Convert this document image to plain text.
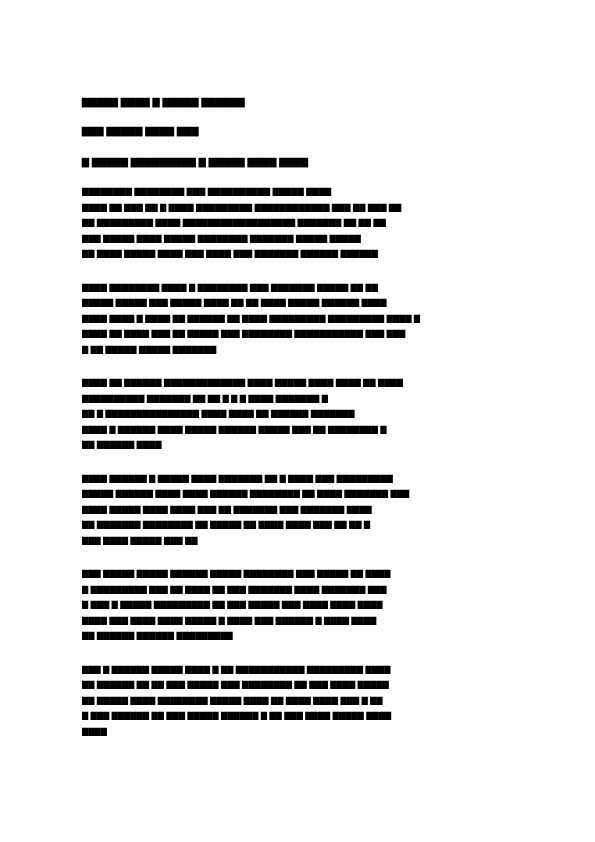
▇▇▇▇▇ ▇▇▇▇ ▇ ▇▇▇▇▇ ▇▇▇▇▇▇
▇▇▇ ▇▇▇▇▇ ▇▇▇▇ ▇▇▇
▇ ▇▇▇▇▇ ▇▇▇▇▇▇▇▇▇ ▇ ▇▇▇▇▇ ▇▇▇▇ ▇▇▇▇
▇▇▇▇▇▇▇▇ ▇▇▇▇▇▇▇▇ ▇▇▇ ▇▇▇▇▇▇▇▇▇▇ ▇▇▇▇▇ ▇▇▇▇
▇▇▇▇ ▇▇ ▇▇▇ ▇▇ ▇ ▇▇▇▇ ▇▇▇▇▇▇▇▇▇ ▇▇▇▇▇▇▇▇▇▇▇▇ ▇▇▇ ▇▇ ▇▇▇ ▇▇
▇▇ ▇▇▇▇▇▇▇▇▇ ▇▇▇▇ ▇▇▇▇▇▇▇▇▇▇▇▇▇▇▇▇▇▇ ▇▇▇▇▇▇▇ ▇▇ ▇▇ ▇▇
▇▇▇ ▇▇▇▇▇ ▇▇▇▇ ▇▇▇▇▇ ▇▇▇▇▇▇▇▇ ▇▇▇▇▇▇▇ ▇▇▇▇▇ ▇▇▇▇▇
▇▇ ▇▇▇▇ ▇▇▇▇▇ ▇▇▇▇ ▇▇▇ ▇▇▇▇ ▇▇▇ ▇▇▇▇▇▇▇ ▇▇▇▇▇▇ ▇▇▇▇▇▇
▇▇▇▇ ▇▇▇▇▇▇▇▇ ▇▇▇▇ ▇ ▇▇▇▇▇▇▇▇ ▇▇▇ ▇▇▇▇▇▇▇ ▇▇▇▇▇ ▇▇ ▇▇
▇▇▇▇▇ ▇▇▇▇▇ ▇▇▇ ▇▇▇▇▇ ▇▇▇▇ ▇▇ ▇▇ ▇▇▇▇ ▇▇▇▇▇ ▇▇▇▇▇▇ ▇▇▇▇
▇▇▇▇ ▇▇▇▇ ▇ ▇▇▇▇ ▇▇ ▇▇▇▇▇▇ ▇▇ ▇▇▇▇ ▇▇▇▇▇▇▇▇▇ ▇▇▇▇▇▇▇▇▇ ▇▇▇▇ ▇
▇▇▇▇ ▇▇ ▇▇▇▇ ▇▇▇ ▇▇ ▇▇▇▇▇ ▇▇▇ ▇▇▇▇▇▇▇▇ ▇▇▇▇▇▇▇▇▇▇▇ ▇▇▇ ▇▇▇
▇ ▇▇ ▇▇▇▇▇ ▇▇▇▇▇ ▇▇▇▇▇▇▇
▇▇▇▇ ▇▇ ▇▇▇▇▇▇ ▇▇▇▇▇▇▇▇▇▇▇▇▇ ▇▇▇▇ ▇▇▇▇▇ ▇▇▇▇ ▇▇▇▇ ▇▇ ▇▇▇▇
▇▇▇▇▇▇▇▇▇▇ ▇▇▇▇▇▇▇ ▇▇ ▇▇ ▇ ▇ ▇ ▇▇▇▇ ▇▇▇▇▇▇▇ ▇
▇▇ ▇ ▇▇▇▇▇▇▇▇▇▇▇▇▇▇▇ ▇▇▇▇ ▇▇▇▇ ▇▇ ▇▇▇▇▇▇ ▇▇▇▇▇▇▇
▇▇▇▇ ▇ ▇▇▇▇▇▇ ▇▇▇▇ ▇▇▇▇▇ ▇▇▇▇▇▇ ▇▇▇▇▇ ▇▇▇ ▇▇ ▇▇▇▇▇▇▇▇ ▇
▇▇ ▇▇▇▇▇▇ ▇▇▇▇
▇▇▇▇ ▇▇▇▇▇▇ ▇ ▇▇▇▇▇ ▇▇▇▇ ▇▇▇▇▇▇▇ ▇▇ ▇ ▇▇▇▇ ▇▇▇ ▇▇▇▇▇▇▇▇▇
▇▇▇▇▇ ▇▇▇▇▇▇ ▇▇▇▇ ▇▇▇▇ ▇▇▇▇▇▇ ▇▇▇▇▇▇▇▇ ▇▇ ▇▇▇▇ ▇▇▇▇▇▇▇ ▇▇▇
▇▇▇▇ ▇▇▇▇▇ ▇▇▇▇ ▇▇▇▇ ▇▇▇ ▇▇ ▇▇▇▇▇▇▇ ▇▇▇ ▇▇▇▇▇▇▇ ▇▇▇▇
▇▇ ▇▇▇▇▇▇▇ ▇▇▇▇▇▇▇▇ ▇▇ ▇▇▇▇▇ ▇▇ ▇▇▇▇ ▇▇▇▇ ▇▇▇ ▇▇ ▇▇ ▇
▇▇▇ ▇▇▇▇ ▇▇▇▇▇ ▇▇▇ ▇▇
▇▇▇ ▇▇▇▇▇ ▇▇▇▇▇ ▇▇▇▇▇▇ ▇▇▇▇▇ ▇▇▇▇▇▇▇▇ ▇▇▇ ▇▇▇▇▇ ▇▇ ▇▇▇▇
▇ ▇▇▇▇▇▇▇▇▇ ▇▇▇ ▇▇ ▇▇▇▇ ▇▇ ▇▇▇ ▇▇▇▇▇▇▇ ▇▇▇▇ ▇▇▇▇▇▇▇ ▇▇▇
▇ ▇▇▇ ▇ ▇▇▇▇▇ ▇▇▇▇▇▇▇▇▇ ▇▇ ▇▇▇ ▇▇▇▇▇ ▇▇▇ ▇▇▇▇ ▇▇▇▇ ▇▇▇▇
▇▇▇▇ ▇▇▇ ▇▇▇▇ ▇▇▇▇ ▇▇▇▇▇ ▇ ▇▇▇▇ ▇▇▇ ▇▇▇▇▇▇ ▇ ▇▇▇▇ ▇▇▇▇
▇▇ ▇▇▇▇▇▇ ▇▇▇▇▇▇ ▇▇▇▇▇▇▇▇▇
▇▇▇ ▇ ▇▇▇▇▇▇ ▇▇▇▇▇ ▇▇▇▇ ▇ ▇▇ ▇▇▇▇▇▇▇▇▇▇▇ ▇▇▇▇▇▇▇▇▇ ▇▇▇▇
▇▇ ▇▇▇▇▇▇ ▇▇ ▇▇ ▇▇▇ ▇▇▇▇▇ ▇▇▇ ▇▇▇▇▇▇▇▇ ▇▇ ▇▇▇ ▇▇▇▇ ▇▇▇▇▇
▇▇ ▇▇▇▇▇ ▇▇▇▇ ▇▇▇▇▇▇▇▇ ▇▇▇▇▇ ▇▇▇▇ ▇▇ ▇▇▇▇ ▇▇▇▇ ▇▇▇ ▇ ▇▇
▇ ▇▇▇ ▇▇▇▇▇▇ ▇▇ ▇▇▇ ▇▇▇▇▇ ▇▇▇▇▇▇ ▇ ▇▇ ▇▇▇ ▇▇▇▇ ▇▇▇▇▇ ▇▇▇▇
▇▇▇▇
